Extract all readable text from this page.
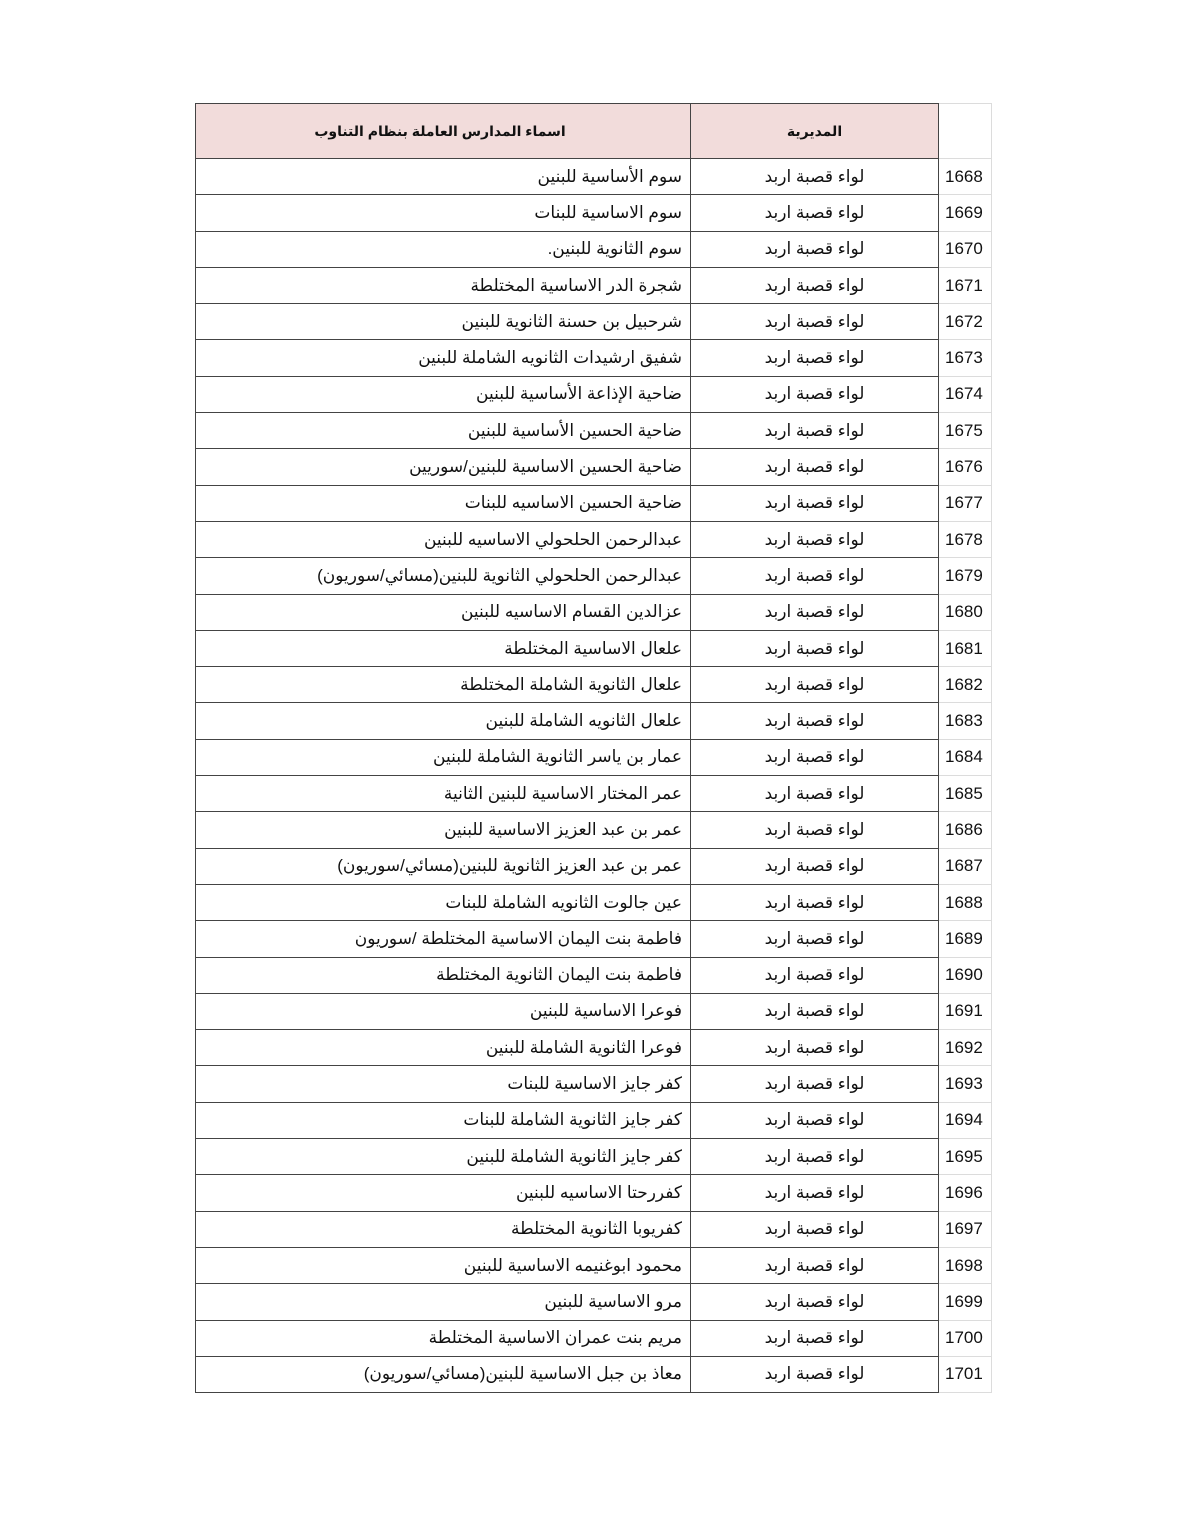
اسماء المدارس العاملة بنظام التناوب	المديرية	
سوم الأساسية للبنين	لواء قصبة اربد	1668
سوم الاساسية للبنات	لواء قصبة اربد	1669
سوم الثانوية للبنين.	لواء قصبة اربد	1670
شجرة الدر الاساسية المختلطة	لواء قصبة اربد	1671
شرحبيل بن حسنة الثانوية للبنين	لواء قصبة اربد	1672
شفيق ارشيدات الثانويه الشاملة للبنين	لواء قصبة اربد	1673
ضاحية الإذاعة الأساسية للبنين	لواء قصبة اربد	1674
ضاحية الحسين الأساسية للبنين	لواء قصبة اربد	1675
ضاحية الحسين الاساسية للبنين/سوريين	لواء قصبة اربد	1676
ضاحية الحسين الاساسيه للبنات	لواء قصبة اربد	1677
عبدالرحمن الحلحولي الاساسيه للبنين	لواء قصبة اربد	1678
عبدالرحمن الحلحولي الثانوية للبنين(مسائي/سوريون)	لواء قصبة اربد	1679
عزالدين القسام الاساسيه للبنين	لواء قصبة اربد	1680
علعال الاساسية المختلطة	لواء قصبة اربد	1681
علعال الثانوية الشاملة المختلطة	لواء قصبة اربد	1682
علعال الثانويه الشاملة للبنين	لواء قصبة اربد	1683
عمار بن ياسر الثانوية الشاملة للبنين	لواء قصبة اربد	1684
عمر المختار الاساسية للبنين الثانية	لواء قصبة اربد	1685
عمر بن عبد العزيز الاساسية للبنين	لواء قصبة اربد	1686
عمر بن عبد العزيز الثانوية للبنين(مسائي/سوريون)	لواء قصبة اربد	1687
عين جالوت الثانويه الشاملة للبنات	لواء قصبة اربد	1688
فاطمة بنت اليمان الاساسية المختلطة /سوريون	لواء قصبة اربد	1689
فاطمة بنت اليمان الثانوية المختلطة	لواء قصبة اربد	1690
فوعرا الاساسية للبنين	لواء قصبة اربد	1691
فوعرا الثانوية الشاملة للبنين	لواء قصبة اربد	1692
كفر جايز الاساسية للبنات	لواء قصبة اربد	1693
كفر جايز الثانوية الشاملة للبنات	لواء قصبة اربد	1694
كفر جايز الثانوية الشاملة للبنين	لواء قصبة اربد	1695
كفررحتا الاساسيه للبنين	لواء قصبة اربد	1696
كفريوبا الثانوية المختلطة	لواء قصبة اربد	1697
محمود ابوغنيمه الاساسية للبنين	لواء قصبة اربد	1698
مرو الاساسية للبنين	لواء قصبة اربد	1699
مريم بنت عمران الاساسية المختلطة	لواء قصبة اربد	1700
معاذ بن جبل الاساسية للبنين(مسائي/سوريون)	لواء قصبة اربد	1701
